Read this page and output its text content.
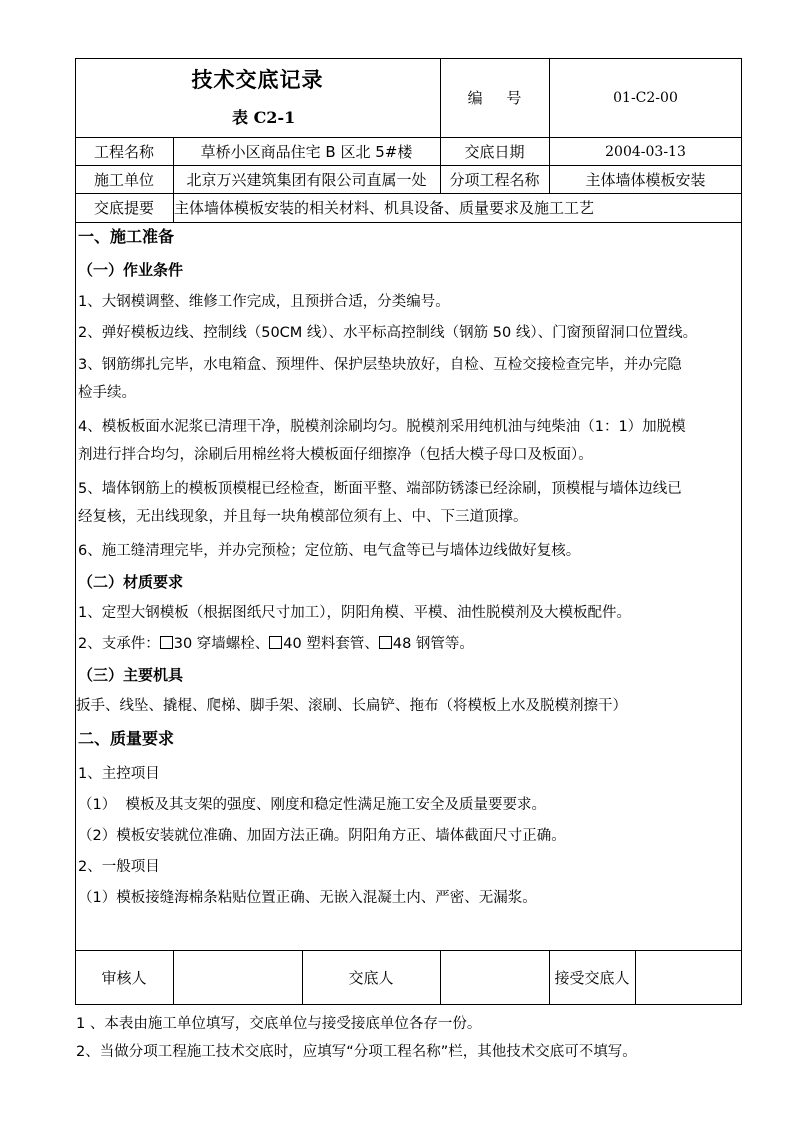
技术交底记录
表 C2-1
编     号	01-C2-00
工程名称	草桥小区商品住宅 B 区北 5#楼	交底日期	2004-03-13
施工单位	北京万兴建筑集团有限公司直属一处	分项工程名称	主体墙体模板安装
交底提要	主体墙体模板安装的相关材料、机具设备、质量要求及施工工艺
一、施工准备
（一）作业条件
1、大钢模调整、维修工作完成，且预拼合适，分类编号。
2、弹好模板边线、控制线（50CM 线）、水平标高控制线（钢筋 50 线）、门窗预留洞口位置线。
3、钢筋绑扎完毕，水电箱盒、预埋件、保护层垫块放好，自检、互检交接检查完毕，并办完隐
检手续。
4、模板板面水泥浆已清理干净，脱模剂涂刷均匀。脱模剂采用纯机油与纯柴油（1：1）加脱模
剂进行拌合均匀，涂刷后用棉丝将大模板面仔细擦净（包括大模子母口及板面）。
5、墙体钢筋上的模板顶模棍已经检查，断面平整、端部防锈漆已经涂刷，顶模棍与墙体边线已
经复核，无出线现象，并且每一块角模部位须有上、中、下三道顶撑。
6、施工缝清理完毕，并办完预检；定位筋、电气盒等已与墙体边线做好复核。
（二）材质要求
1、定型大钢模板（根据图纸尺寸加工），阴阳角模、平模、油性脱模剂及大模板配件。
2、支承件： 30 穿墙螺栓、 40 塑料套管、 48 钢管等。
（三）主要机具
扳手、线坠、撬棍、爬梯、脚手架、滚刷、长扁铲、拖布（将模板上水及脱模剂擦干）
二、质量要求
1、主控项目
（1）  模板及其支架的强度、刚度和稳定性满足施工安全及质量要要求。
（2）模板安装就位准确、加固方法正确。阴阳角方正、墙体截面尺寸正确。
2、一般项目
（1）模板接缝海棉条粘贴位置正确、无嵌入混凝土内、严密、无漏浆。
审核人	交底人	接受交底人
1 、本表由施工单位填写，交底单位与接受接底单位各存一份。
2、当做分项工程施工技术交底时，应填写“分项工程名称”栏，其他技术交底可不填写。
